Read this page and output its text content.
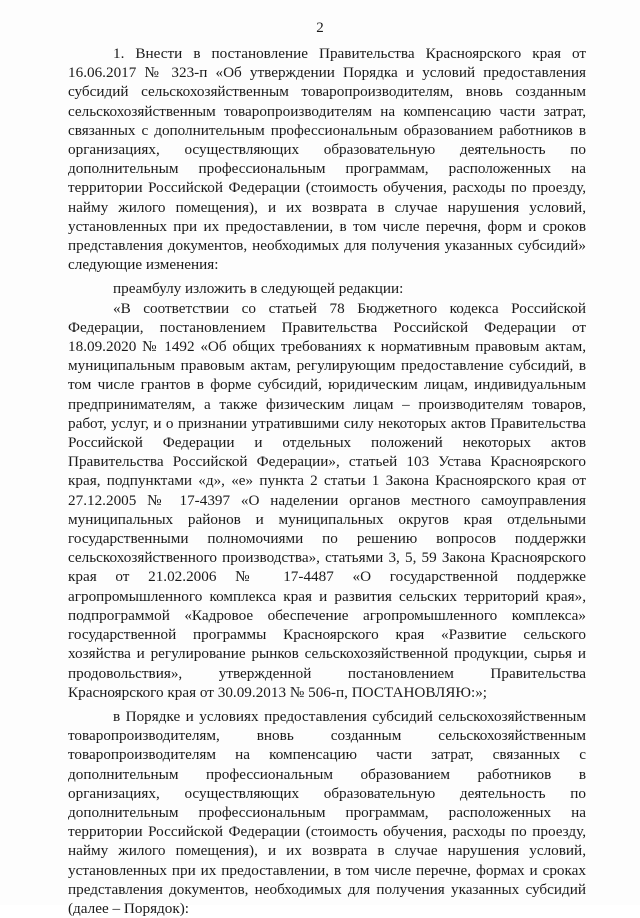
2

1. Внести в постановление Правительства Красноярского края от 16.06.2017 № 323-п «Об утверждении Порядка и условий предоставления субсидий сельскохозяйственным товаропроизводителям, вновь созданным сельскохозяйственным товаропроизводителям на компенсацию части затрат, связанных с дополнительным профессиональным образованием работников в организациях, осуществляющих образовательную деятельность по дополнительным профессиональным программам, расположенных на территории Российской Федерации (стоимость обучения, расходы по проезду, найму жилого помещения), и их возврата в случае нарушения условий, установленных при их предоставлении, в том числе перечня, форм и сроков представления документов, необходимых для получения указанных субсидий» следующие изменения:

преамбулу изложить в следующей редакции:

«В соответствии со статьей 78 Бюджетного кодекса Российской Федерации, постановлением Правительства Российской Федерации от 18.09.2020 № 1492 «Об общих требованиях к нормативным правовым актам, муниципальным правовым актам, регулирующим предоставление субсидий, в том числе грантов в форме субсидий, юридическим лицам, индивидуальным предпринимателям, а также физическим лицам – производителям товаров, работ, услуг, и о признании утратившими силу некоторых актов Правительства Российской Федерации и отдельных положений некоторых актов Правительства Российской Федерации», статьей 103 Устава Красноярского края, подпунктами «д», «е» пункта 2 статьи 1 Закона Красноярского края от 27.12.2005 № 17-4397 «О наделении органов местного самоуправления муниципальных районов и муниципальных округов края отдельными государственными полномочиями по решению вопросов поддержки сельскохозяйственного производства», статьями 3, 5, 59 Закона Красноярского края от 21.02.2006 № 17-4487 «О государственной поддержке агропромышленного комплекса края и развития сельских территорий края», подпрограммой «Кадровое обеспечение агропромышленного комплекса» государственной программы Красноярского края «Развитие сельского хозяйства и регулирование рынков сельскохозяйственной продукции, сырья и продовольствия», утвержденной постановлением Правительства Красноярского края от 30.09.2013 № 506-п, ПОСТАНОВЛЯЮ:»;

в Порядке и условиях предоставления субсидий сельскохозяйственным товаропроизводителям, вновь созданным сельскохозяйственным товаропроизводителям на компенсацию части затрат, связанных с дополнительным профессиональным образованием работников в организациях, осуществляющих образовательную деятельность по дополнительным профессиональным программам, расположенных на территории Российской Федерации (стоимость обучения, расходы по проезду, найму жилого помещения), и их возврата в случае нарушения условий, установленных при их предоставлении, в том числе перечне, формах и сроках представления документов, необходимых для получения указанных субсидий (далее – Порядок):
